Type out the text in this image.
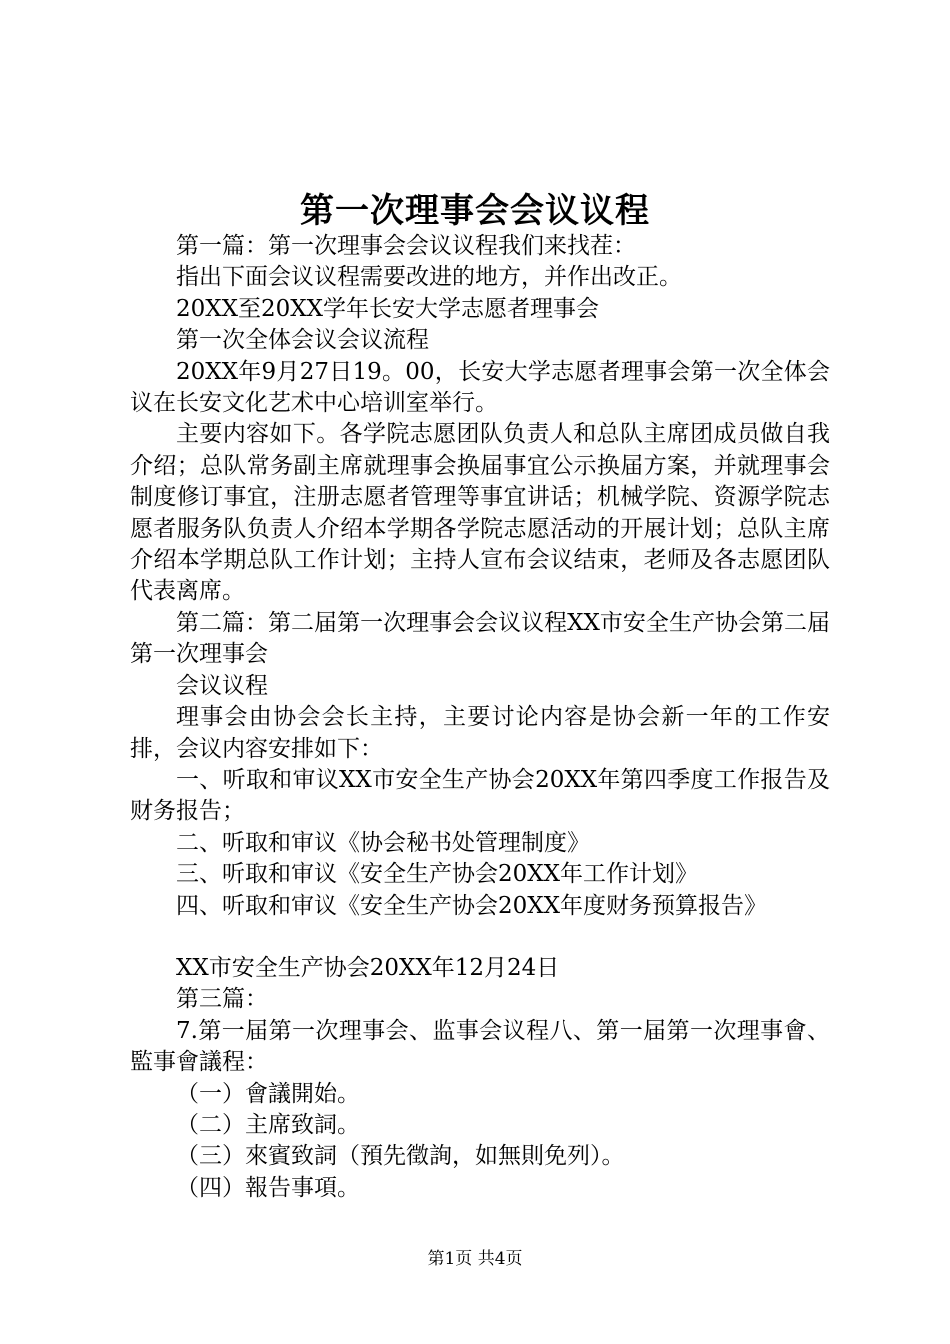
第一次理事会会议议程

第一篇：第一次理事会会议议程我们来找茬：

指出下面会议议程需要改进的地方，并作出改正。

20XX至20XX学年长安大学志愿者理事会

第一次全体会议会议流程

20XX年9月27日19。00，长安大学志愿者理事会第一次全体会议在长安文化艺术中心培训室举行。

主要内容如下。各学院志愿团队负责人和总队主席团成员做自我介绍；总队常务副主席就理事会换届事宜公示换届方案，并就理事会制度修订事宜，注册志愿者管理等事宜讲话；机械学院、资源学院志愿者服务队负责人介绍本学期各学院志愿活动的开展计划；总队主席介绍本学期总队工作计划；主持人宣布会议结束，老师及各志愿团队代表离席。

第二篇：第二届第一次理事会会议议程XX市安全生产协会第二届第一次理事会

会议议程

理事会由协会会长主持，主要讨论内容是协会新一年的工作安排，会议内容安排如下：

一、听取和审议XX市安全生产协会20XX年第四季度工作报告及财务报告；

二、听取和审议《协会秘书处管理制度》

三、听取和审议《安全生产协会20XX年工作计划》

四、听取和审议《安全生产协会20XX年度财务预算报告》

XX市安全生产协会20XX年12月24日

第三篇：

7.第一届第一次理事会、监事会议程八、第一届第一次理事會、監事會議程：

（一）會議開始。

（二）主席致詞。

（三）來賓致詞（預先徵詢，如無則免列）。

（四）報告事項。

第1页 共4页
